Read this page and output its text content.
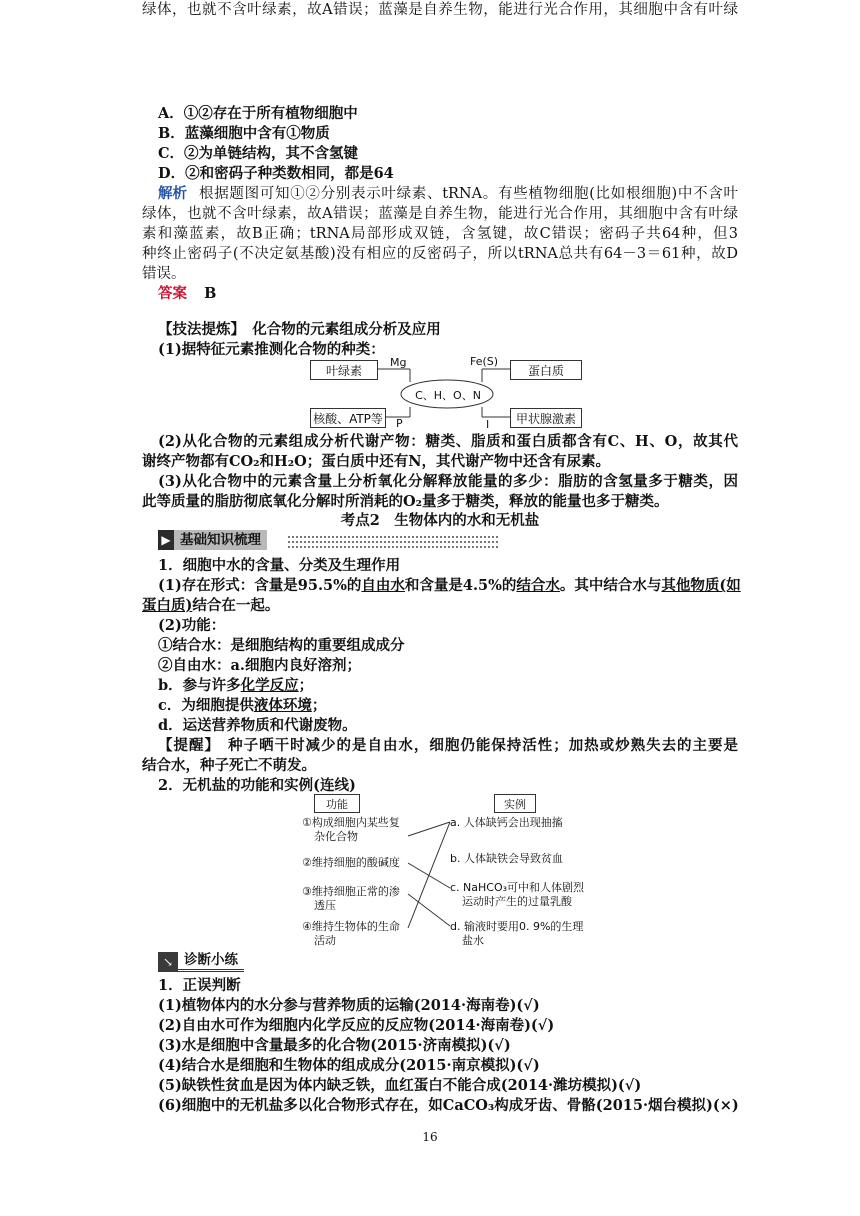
A．①②存在于所有植物细胞中
B．蓝藻细胞中含有①物质
C．②为单链结构，其不含氢键
D．②和密码子种类数相同，都是64
解析 根据题图可知①②分别表示叶绿素、tRNA。有些植物细胞(比如根细胞)中不含叶
绿体，也就不含叶绿素，故A错误；蓝藻是自养生物，能进行光合作用，其细胞中含有叶绿
绿体，也就不含叶绿素，故A错误；蓝藻是自养生物，能进行光合作用，其细胞中含有叶绿
素和藻蓝素，故B正确；tRNA局部形成双链，含氢键，故C错误；密码子共64种，但3
种终止密码子(不决定氨基酸)没有相应的反密码子，所以tRNA总共有64－3＝61种，故D
错误。
答案 B
【技法提炼】　化合物的元素组成分析及应用
(1)据特征元素推测化合物的种类：
叶绿素	蛋白质
核酸、ATP等	甲状腺激素
C、H、O、N
Mg	Fe(S)
P	I
(2)从化合物的元素组成分析代谢产物：糖类、脂质和蛋白质都含有C、H、O，故其代
谢终产物都有CO₂和H₂O；蛋白质中还有N，其代谢产物中还含有尿素。
(3)从化合物中的元素含量上分析氧化分解释放能量的多少：脂肪的含氢量多于糖类，因
此等质量的脂肪彻底氧化分解时所消耗的O₂量多于糖类，释放的能量也多于糖类。
考点2　生物体内的水和无机盐
▶ 基础知识梳理
1．细胞中水的含量、分类及生理作用
(1)存在形式：含量是95.5%的自由水和含量是4.5%的结合水。其中结合水与其他物质(如
蛋白质)结合在一起。
(2)功能：
①结合水：是细胞结构的重要组成成分
②自由水：a.细胞内良好溶剂；
b．参与许多化学反应；
c．为细胞提供液体环境；
d．运送营养物质和代谢废物。
【提醒】　种子晒干时减少的是自由水，细胞仍能保持活性；加热或炒熟失去的主要是
结合水，种子死亡不萌发。
2．无机盐的功能和实例(连线)
功能	实例
①构成细胞内某些复
杂化合物
②维持细胞的酸碱度
③维持细胞正常的渗
透压
④维持生物体的生命
活动
a. 人体缺钙会出现抽搐
b. 人体缺铁会导致贫血
c. NaHCO₃可中和人体剧烈
运动时产生的过量乳酸
d. 输液时要用0. 9%的生理
盐水
↘ 诊断小练
1．正误判断
(1)植物体内的水分参与营养物质的运输(2014·海南卷)(√)
(2)自由水可作为细胞内化学反应的反应物(2014·海南卷)(√)
(3)水是细胞中含量最多的化合物(2015·济南模拟)(√)
(4)结合水是细胞和生物体的组成成分(2015·南京模拟)(√)
(5)缺铁性贫血是因为体内缺乏铁，血红蛋白不能合成(2014·潍坊模拟)(√)
(6)细胞中的无机盐多以化合物形式存在，如CaCO₃构成牙齿、骨骼(2015·烟台模拟)(×)
16
